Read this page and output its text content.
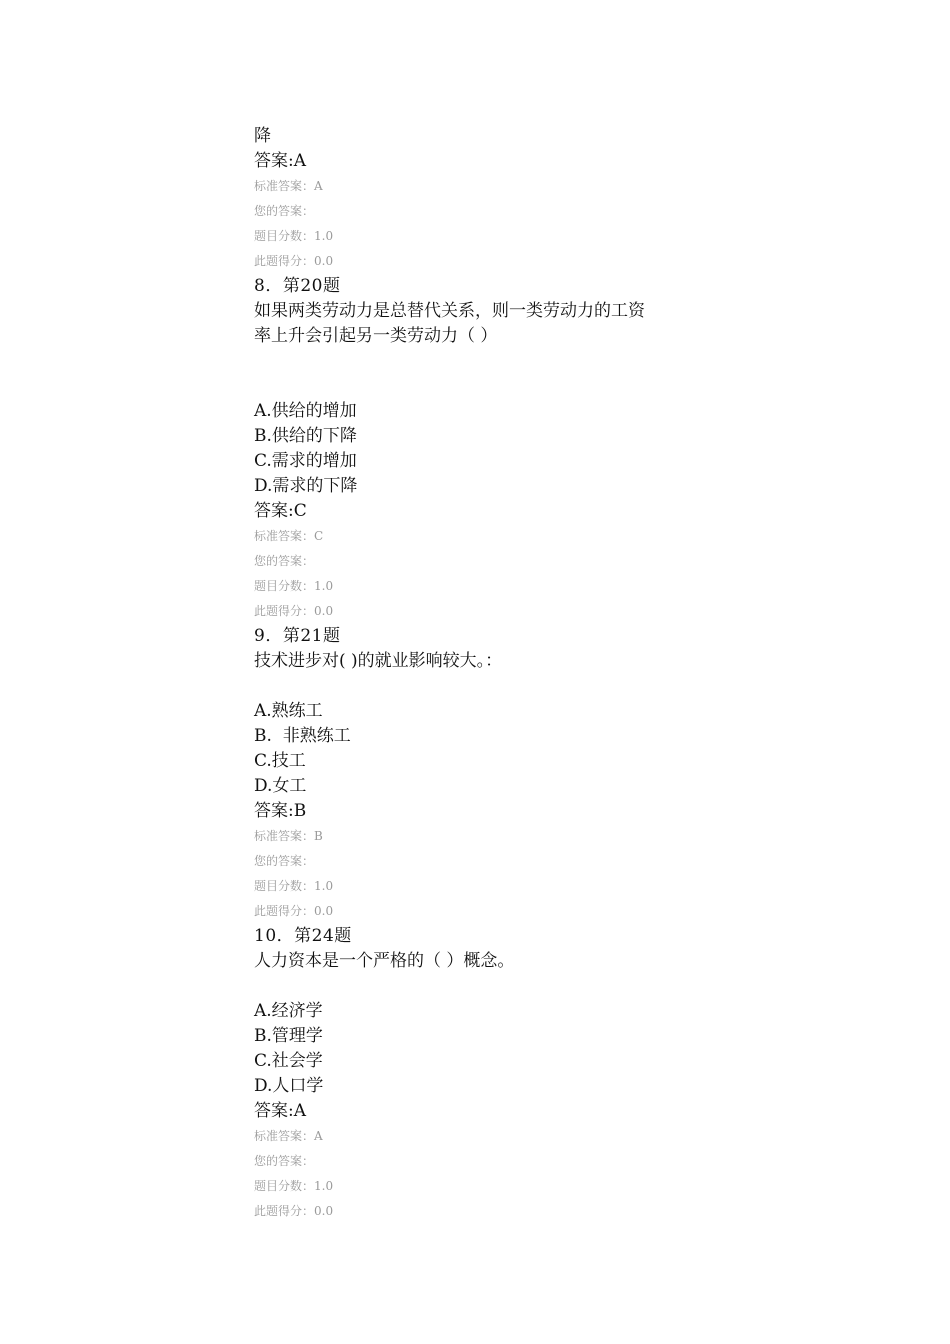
降
答案:A
标准答案：A
您的答案：
题目分数：1.0
此题得分：0.0
8．第20题
如果两类劳动力是总替代关系，则一类劳动力的工资
率上升会引起另一类劳动力（ ）
A.供给的增加
B.供给的下降
C.需求的增加
D.需求的下降
答案:C
标准答案：C
您的答案：
题目分数：1.0
此题得分：0.0
9．第21题
技术进步对( )的就业影响较大。：
A.熟练工
B.  非熟练工
C.技工
D.女工
答案:B
标准答案：B
您的答案：
题目分数：1.0
此题得分：0.0
10．第24题
人力资本是一个严格的（ ）概念。
A.经济学
B.管理学
C.社会学
D.人口学
答案:A
标准答案：A
您的答案：
题目分数：1.0
此题得分：0.0
